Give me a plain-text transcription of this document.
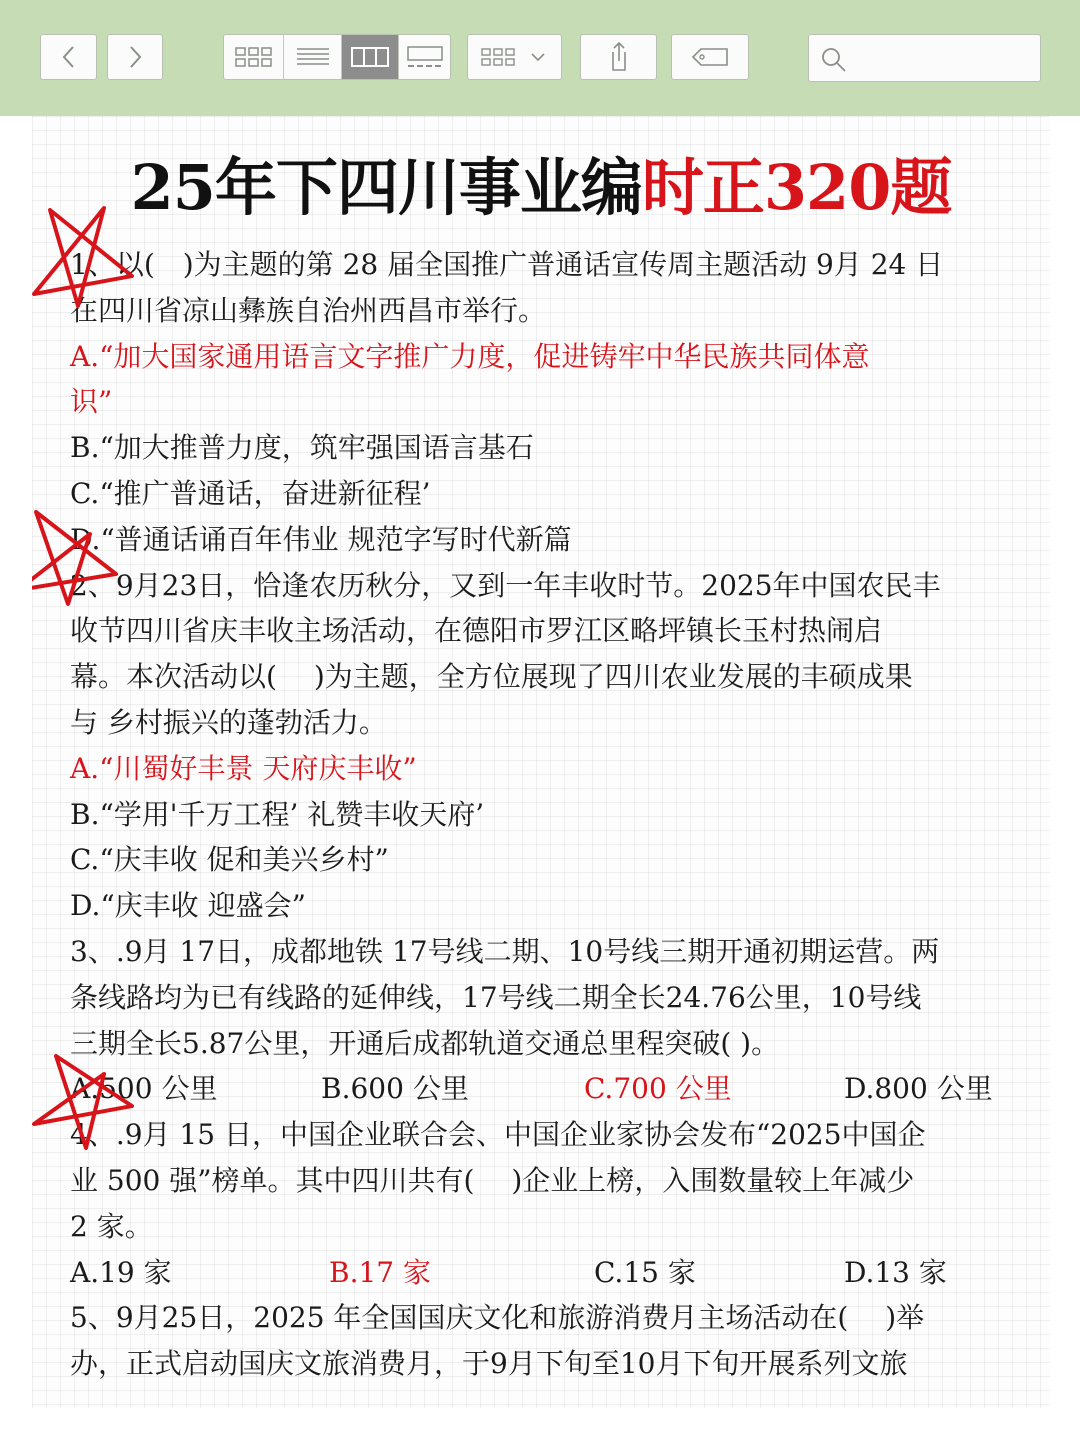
25年下四川事业编时正320题
1、以(　)为主题的第 28 届全国推广普通话宣传周主题活动 9月 24 日
在四川省凉山彝族自治州西昌市举行。
A.“加大国家通用语言文字推广力度，促进铸牢中华民族共同体意
识”
B.“加大推普力度，筑牢强国语言基石
C.“推广普通话，奋进新征程’
D.“普通话诵百年伟业 规范字写时代新篇
2、9月23日，恰逢农历秋分，又到一年丰收时节。2025年中国农民丰
收节四川省庆丰收主场活动，在德阳市罗江区略坪镇长玉村热闹启
幕。本次活动以(　 )为主题，全方位展现了四川农业发展的丰硕成果
与 乡村振兴的蓬勃活力。
A.“川蜀好丰景 天府庆丰收”
B.“学用'千万工程’ 礼赞丰收天府’
C.“庆丰收 促和美兴乡村”
D.“庆丰收 迎盛会”
3、.9月 17日，成都地铁 17号线二期、10号线三期开通初期运营。两
条线路均为已有线路的延伸线，17号线二期全长24.76公里，10号线
三期全长5.87公里，开通后成都轨道交通总里程突破( )。
A.500 公里	B.600 公里	C.700 公里	D.800 公里
4、.9月 15 日，中国企业联合会、中国企业家协会发布“2025中国企
业 500 强”榜单。其中四川共有(　 )企业上榜，入围数量较上年减少
2 家。
A.19 家	B.17 家	C.15 家	D.13 家
5、9月25日，2025 年全国国庆文化和旅游消费月主场活动在(　 )举
办，正式启动国庆文旅消费月，于9月下旬至10月下旬开展系列文旅
